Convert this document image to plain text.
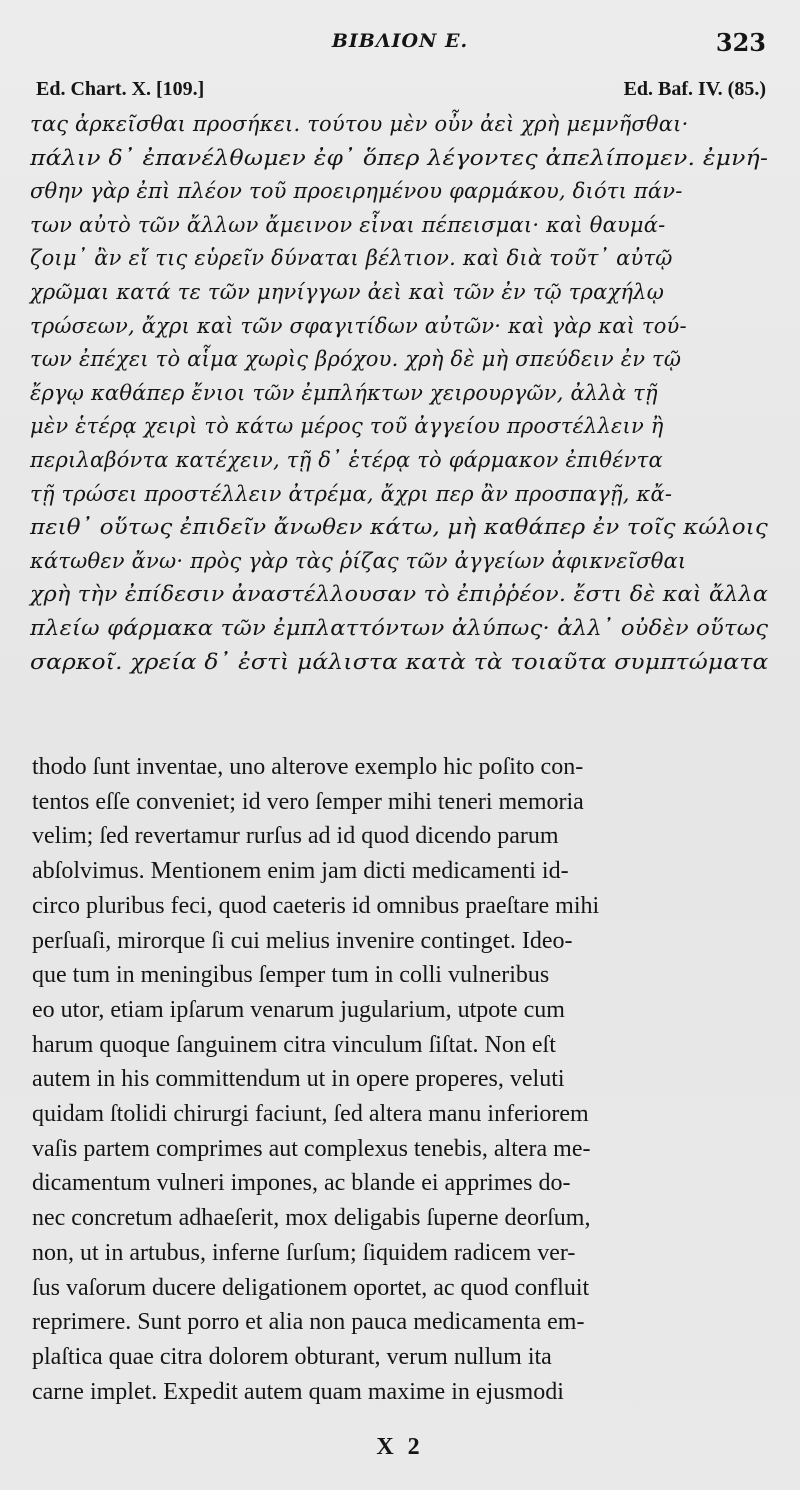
BIBΛΙΟΝ E.	323
Ed. Chart. X. [109.]	Ed. Baf. IV. (85.)
τας ἀρκεῖσθαι προσήκει. τούτου μὲν οὖν ἀεὶ χρὴ μεμνῆσθαι·
πάλιν δ᾽ ἐπανέλθωμεν ἐφ᾽ ὅπερ λέγοντες ἀπελίπομεν. ἐμνή-
σθην γὰρ ἐπὶ πλέον τοῦ προειρημένου φαρμάκου, διότι πάν-
των αὐτὸ τῶν ἄλλων ἄμεινον εἶναι πέπεισμαι· καὶ θαυμά-
ζοιμ᾽ ἂν εἴ τις εὑρεῖν δύναται βέλτιον. καὶ διὰ τοῦτ᾽ αὐτῷ
χρῶμαι κατά τε τῶν μηνίγγων ἀεὶ καὶ τῶν ἐν τῷ τραχήλῳ
τρώσεων, ἄχρι καὶ τῶν σφαγιτίδων αὐτῶν· καὶ γὰρ καὶ τού-
των ἐπέχει τὸ αἷμα χωρὶς βρόχου. χρὴ δὲ μὴ σπεύδειν ἐν τῷ
ἔργῳ καθάπερ ἔνιοι τῶν ἐμπλήκτων χειρουργῶν, ἀλλὰ τῇ
μὲν ἑτέρᾳ χειρὶ τὸ κάτω μέρος τοῦ ἀγγείου προστέλλειν ἢ
περιλαβόντα κατέχειν, τῇ δ᾽ ἑτέρᾳ τὸ φάρμακον ἐπιθέντα
τῇ τρώσει προστέλλειν ἀτρέμα, ἄχρι περ ἂν προσπαγῇ, κἄ-
πειθ᾽ οὕτως ἐπιδεῖν ἄνωθεν κάτω, μὴ καθάπερ ἐν τοῖς κώλοις
κάτωθεν ἄνω· πρὸς γὰρ τὰς ῥίζας τῶν ἀγγείων ἀφικνεῖσθαι
χρὴ τὴν ἐπίδεσιν ἀναστέλλουσαν τὸ ἐπιῤῥέον. ἔστι δὲ καὶ ἄλλα
πλείω φάρμακα τῶν ἐμπλαττόντων ἀλύπως· ἀλλ᾽ οὐδὲν οὕτως
σαρκοῖ. χρεία δ᾽ ἐστὶ μάλιστα κατὰ τὰ τοιαῦτα συμπτώματα
thodo ſunt inventae, uno alterove exemplo hic poſito con-
tentos eſſe conveniet; id vero ſemper mihi teneri memoria
velim; ſed revertamur rurſus ad id quod dicendo parum
abſolvimus. Mentionem enim jam dicti medicamenti id-
circo pluribus feci, quod caeteris id omnibus praeſtare mihi
perſuaſi, mirorque ſi cui melius invenire continget. Ideo-
que tum in meningibus ſemper tum in colli vulneribus
eo utor, etiam ipſarum venarum jugularium, utpote cum
harum quoque ſanguinem citra vinculum ſiſtat. Non eſt
autem in his committendum ut in opere properes, veluti
quidam ſtolidi chirurgi faciunt, ſed altera manu inferiorem
vaſis partem comprimes aut complexus tenebis, altera me-
dicamentum vulneri impones, ac blande ei apprimes do-
nec concretum adhaeſerit, mox deligabis ſuperne deorſum,
non, ut in artubus, inferne ſurſum; ſiquidem radicem ver-
ſus vaſorum ducere deligationem oportet, ac quod confluit
reprimere. Sunt porro et alia non pauca medicamenta em-
plaſtica quae citra dolorem obturant, verum nullum ita
carne implet. Expedit autem quam maxime in ejusmodi
X 2
